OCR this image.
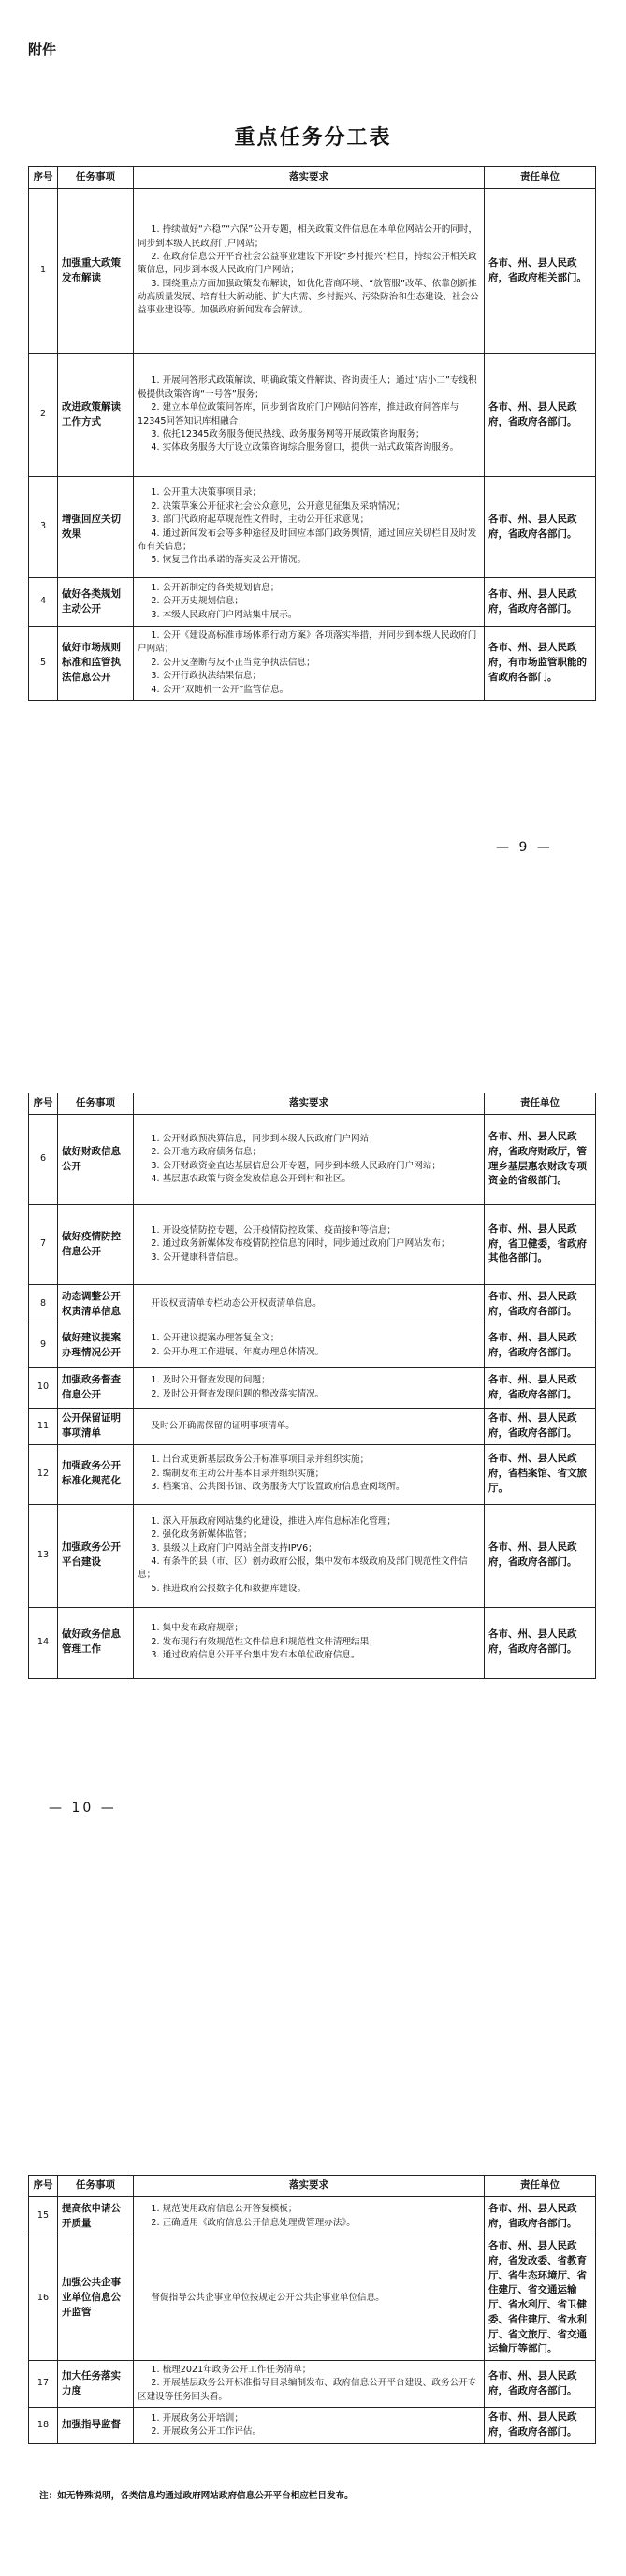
附件
重点任务分工表
序号	任务事项	落实要求	责任单位
1	加强重大政策发布解读	1. 持续做好“六稳”“六保”公开专题，相关政策文件信息在本单位网站公开的同时，同步到本级人民政府门户网站；
2. 在政府信息公开平台社会公益事业建设下开设“乡村振兴”栏目，持续公开相关政策信息，同步到本级人民政府门户网站；
3. 围绕重点方面加强政策发布解读，如优化营商环境、“放管服”改革、依靠创新推动高质量发展、培育壮大新动能、扩大内需、乡村振兴、污染防治和生态建设、社会公益事业建设等。加强政府新闻发布会解读。	各市、州、县人民政府，省政府相关部门。
2	改进政策解读工作方式	1. 开展问答形式政策解读，明确政策文件解读、咨询责任人；通过“店小二”专线积极提供政策咨询“一号答”服务；
2. 建立本单位政策问答库，同步到省政府门户网站问答库，推进政府问答库与12345问答知识库相融合；
3. 依托12345政务服务便民热线、政务服务网等开展政策咨询服务；
4. 实体政务服务大厅设立政策咨询综合服务窗口，提供一站式政策咨询服务。	各市、州、县人民政府，省政府各部门。
3	增强回应关切效果	1. 公开重大决策事项目录；
2. 决策草案公开征求社会公众意见，公开意见征集及采纳情况；
3. 部门代政府起草规范性文件时，主动公开征求意见；
4. 通过新闻发布会等多种途径及时回应本部门政务舆情，通过回应关切栏目及时发布有关信息；
5. 恢复已作出承诺的落实及公开情况。	各市、州、县人民政府，省政府各部门。
4	做好各类规划主动公开	1. 公开新制定的各类规划信息；
2. 公开历史规划信息；
3. 本级人民政府门户网站集中展示。	各市、州、县人民政府，省政府各部门。
5	做好市场规则标准和监管执法信息公开	1. 公开《建设高标准市场体系行动方案》各项落实举措，并同步到本级人民政府门户网站；
2. 公开反垄断与反不正当竞争执法信息；
3. 公开行政执法结果信息；
4. 公开“双随机一公开”监管信息。	各市、州、县人民政府，有市场监管职能的省政府各部门。
— 9 —
序号	任务事项	落实要求	责任单位
6	做好财政信息公开	1. 公开财政预决算信息，同步到本级人民政府门户网站；
2. 公开地方政府债务信息；
3. 公开财政资金直达基层信息公开专题，同步到本级人民政府门户网站；
4. 基层惠农政策与资金发放信息公开到村和社区。	各市、州、县人民政府，省政府财政厅，管理乡基层惠农财政专项资金的省级部门。
7	做好疫情防控信息公开	1. 开设疫情防控专题，公开疫情防控政策、疫苗接种等信息；
2. 通过政务新媒体发布疫情防控信息的同时，同步通过政府门户网站发布；
3. 公开健康科普信息。	各市、州、县人民政府，省卫健委，省政府其他各部门。
8	动态调整公开权责清单信息	开设权责清单专栏动态公开权责清单信息。	各市、州、县人民政府，省政府各部门。
9	做好建议提案办理情况公开	1. 公开建议提案办理答复全文；
2. 公开办理工作进展、年度办理总体情况。	各市、州、县人民政府，省政府各部门。
10	加强政务督查信息公开	1. 及时公开督查发现的问题；
2. 及时公开督查发现问题的整改落实情况。	各市、州、县人民政府，省政府各部门。
11	公开保留证明事项清单	及时公开确需保留的证明事项清单。	各市、州、县人民政府，省政府各部门。
12	加强政务公开标准化规范化	1. 出台或更新基层政务公开标准事项目录并组织实施；
2. 编制发布主动公开基本目录并组织实施；
3. 档案馆、公共图书馆、政务服务大厅设置政府信息查阅场所。	各市、州、县人民政府，省档案馆、省文旅厅。
13	加强政务公开平台建设	1. 深入开展政府网站集约化建设，推进入库信息标准化管理；
2. 强化政务新媒体监管；
3. 县级以上政府门户网站全部支持IPV6；
4. 有条件的县（市、区）创办政府公报，集中发布本级政府及部门规范性文件信息；
5. 推进政府公报数字化和数据库建设。	各市、州、县人民政府，省政府各部门。
14	做好政务信息管理工作	1. 集中发布政府规章；
2. 发布现行有效规范性文件信息和规范性文件清理结果；
3. 通过政府信息公开平台集中发布本单位政府信息。	各市、州、县人民政府，省政府各部门。
— 10 —
序号	任务事项	落实要求	责任单位
15	提高依申请公开质量	1. 规范使用政府信息公开答复模板；
2. 正确适用《政府信息公开信息处理费管理办法》。	各市、州、县人民政府，省政府各部门。
16	加强公共企事业单位信息公开监管	督促指导公共企事业单位按规定公开公共企事业单位信息。	各市、州、县人民政府，省发改委、省教育厅、省生态环境厅、省住建厅、省交通运输厅、省水利厅、省卫健委、省住建厅、省水利厅、省文旅厅、省交通运输厅等部门。
17	加大任务落实力度	1. 梳理2021年政务公开工作任务清单；
2. 开展基层政务公开标准指导目录编制发布、政府信息公开平台建设、政务公开专区建设等任务回头看。	各市、州、县人民政府，省政府各部门。
18	加强指导监督	1. 开展政务公开培训；
2. 开展政务公开工作评估。	各市、州、县人民政府，省政府各部门。
注：如无特殊说明，各类信息均通过政府网站政府信息公开平台相应栏目发布。
